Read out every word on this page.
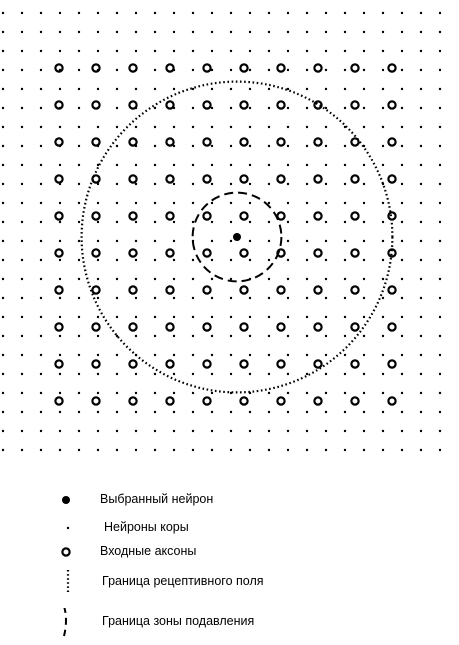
Выбранный нейрон
Нейроны коры
Входные аксоны
Граница рецептивного поля
Граница зоны подавления
